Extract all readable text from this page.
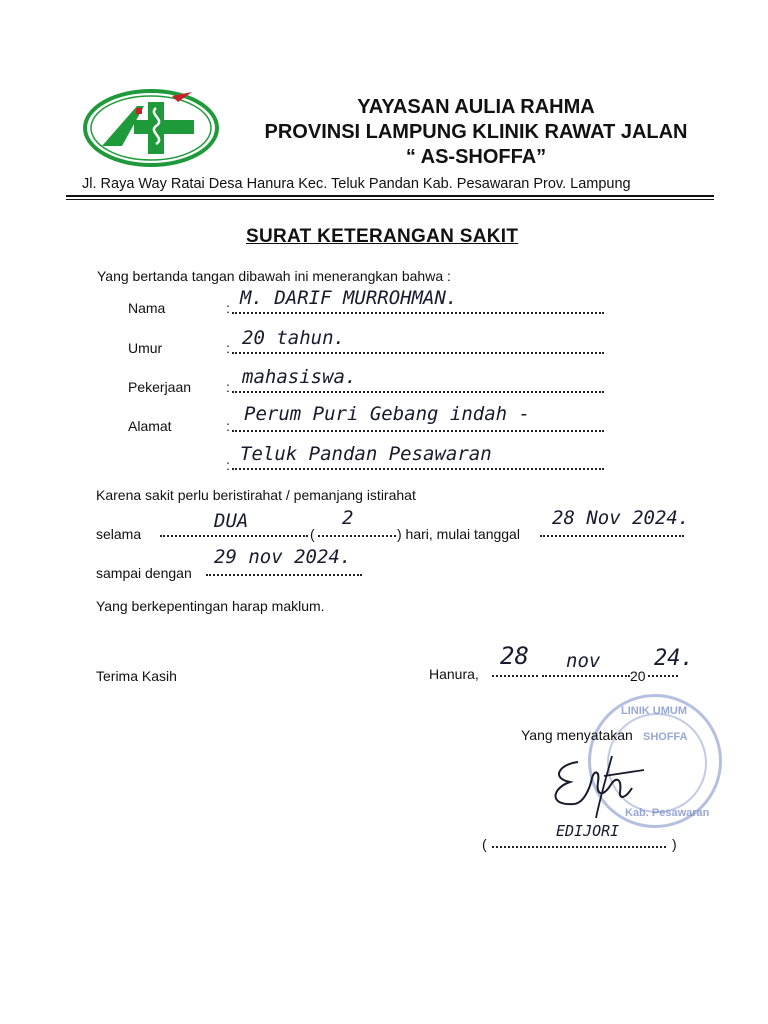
YAYASAN AULIA RAHMA
PROVINSI LAMPUNG KLINIK RAWAT JALAN
“ AS-SHOFFA”
Jl. Raya Way Ratai Desa Hanura Kec. Teluk Pandan Kab. Pesawaran Prov. Lampung
SURAT KETERANGAN SAKIT
Yang bertanda tangan dibawah ini menerangkan bahwa :
Nama	: M. DARIF MURROHMAN.
Umur	: 20 tahun.
Pekerjaan : mahasiswa.
Alamat	:
Perum Puri Gebang indah -
: Teluk Pandan Pesawaran
Karena sakit perlu beristirahat / pemanjang istirahat
selama
DUA
(
2
) hari, mulai tanggal
28 Nov 2024.
sampai dengan
29 nov 2024.
Yang berkepentingan harap maklum.
Terima Kasih	Hanura,
28 nov
20
24.
LINIK UMUM
SHOFFA
Kab. Pesawaran
Yang menyatakan
EDIJORI
(	)
